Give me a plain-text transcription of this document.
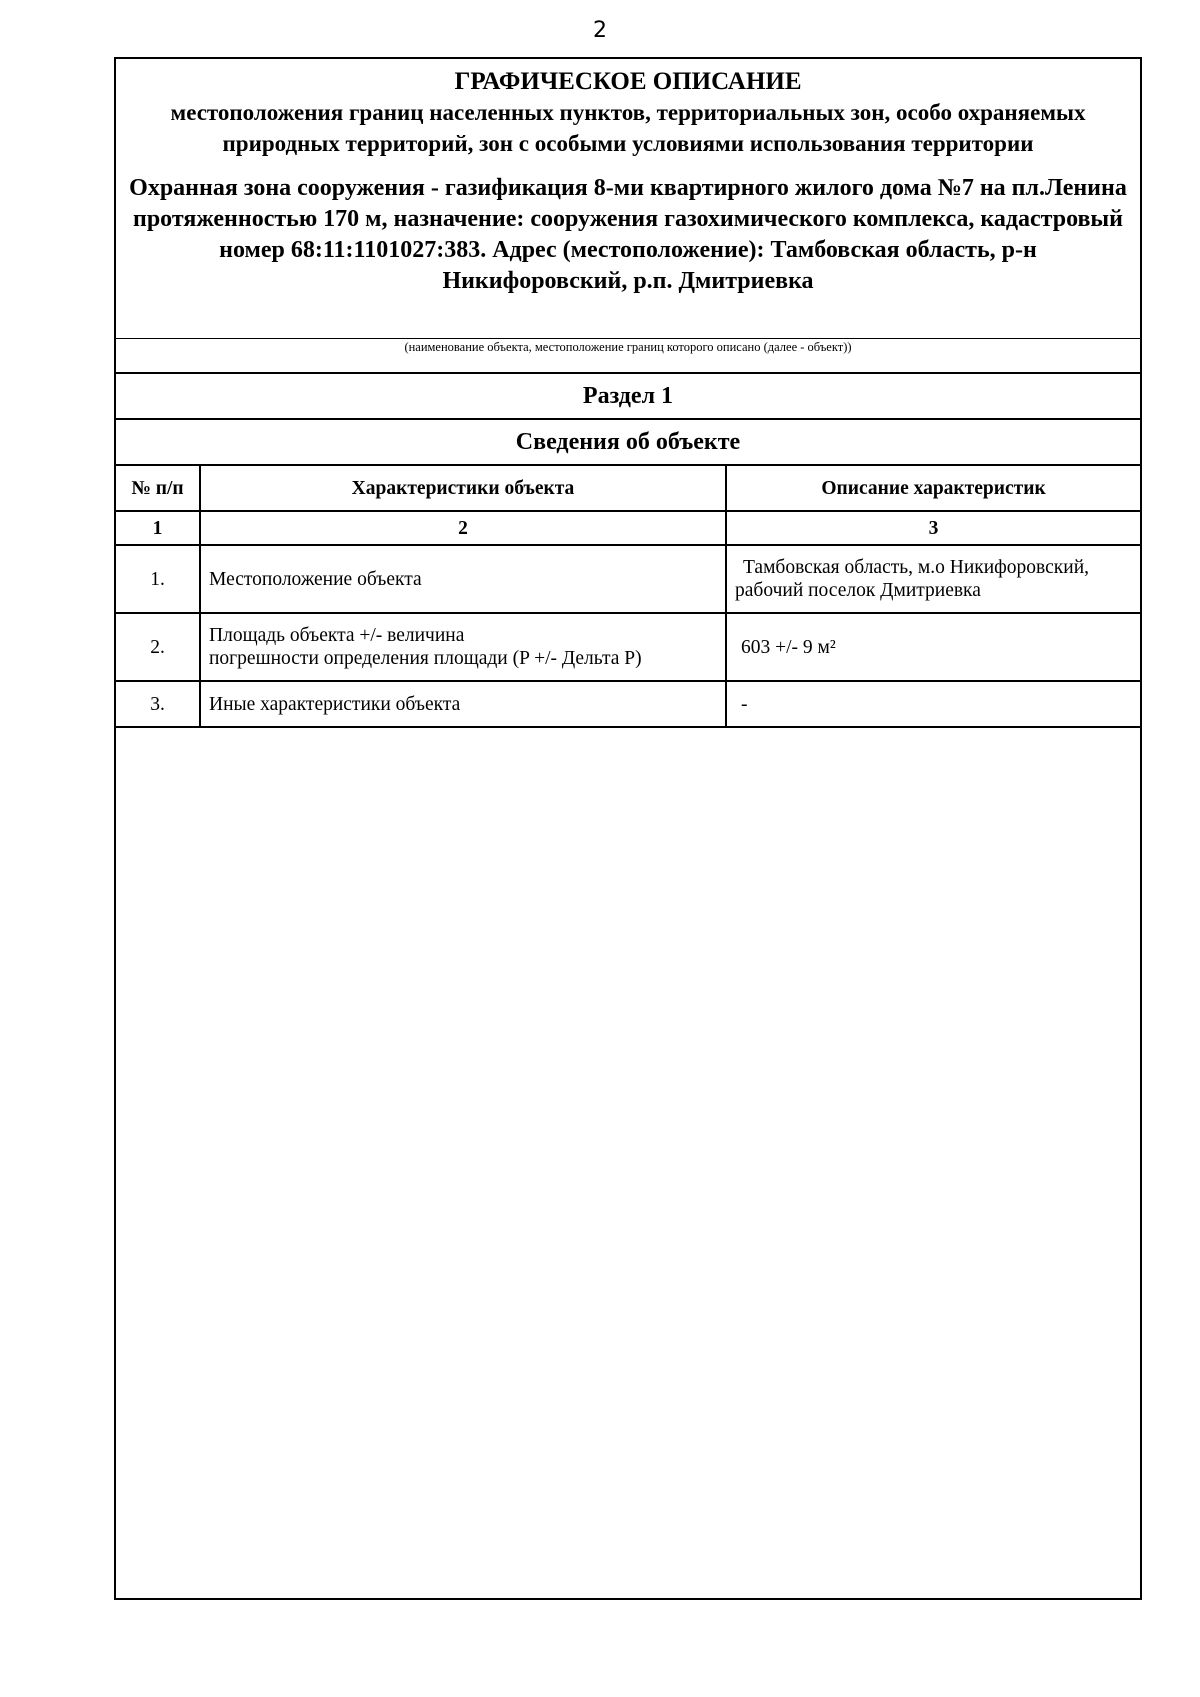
2
ГРАФИЧЕСКОЕ ОПИСАНИЕ
местоположения границ населенных пунктов, территориальных зон, особо охраняемых природных территорий, зон с особыми условиями использования территории
Охранная зона сооружения - газификация 8-ми квартирного жилого дома №7 на пл.Ленина протяженностью 170 м, назначение: сооружения газохимического комплекса, кадастровый номер 68:11:1101027:383. Адрес (местоположение): Тамбовская область, р-н Никифоровский, р.п. Дмитриевка
(наименование объекта, местоположение границ которого описано (далее - объект))
Раздел 1
Сведения об объекте
№ п/п	Характеристики объекта	Описание характеристик
1	2	3
1.	Местоположение объекта	Тамбовская область, м.о Никифоровский,
рабочий поселок Дмитриевка

2.	Площадь объекта +/- величина
погрешности определения площади (P +/- Дельта P)	603 +/- 9 м²
3.	Иные характеристики объекта	-
